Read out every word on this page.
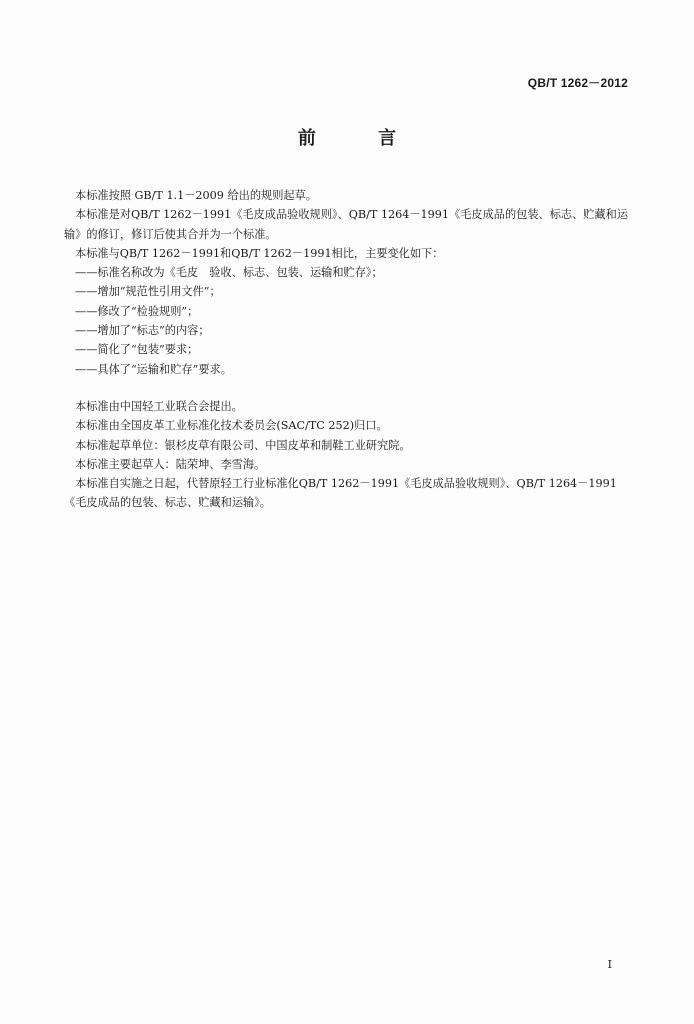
QB/T 1262－2012
前 言

本标准按照 GB/T 1.1－2009 给出的规则起草。

本标准是对QB/T 1262－1991《毛皮成品验收规则》、QB/T 1264－1991《毛皮成品的包装、标志、贮藏和运输》的修订，修订后使其合并为一个标准。

本标准与QB/T 1262－1991和QB/T 1262－1991相比，主要变化如下：

——标准名称改为《毛皮　验收、标志、包装、运输和贮存》；

——增加“规范性引用文件”；

——修改了“检验规则”；

——增加了“标志”的内容；

——简化了“包装”要求；

——具体了“运输和贮存”要求。

本标准由中国轻工业联合会提出。

本标准由全国皮革工业标准化技术委员会(SAC/TC 252)归口。

本标准起草单位：银杉皮草有限公司、中国皮革和制鞋工业研究院。

本标准主要起草人：陆荣坤、李雪海。

本标准自实施之日起，代替原轻工行业标准化QB/T 1262－1991《毛皮成品验收规则》、QB/T 1264－1991《毛皮成品的包装、标志、贮藏和运输》。

I
